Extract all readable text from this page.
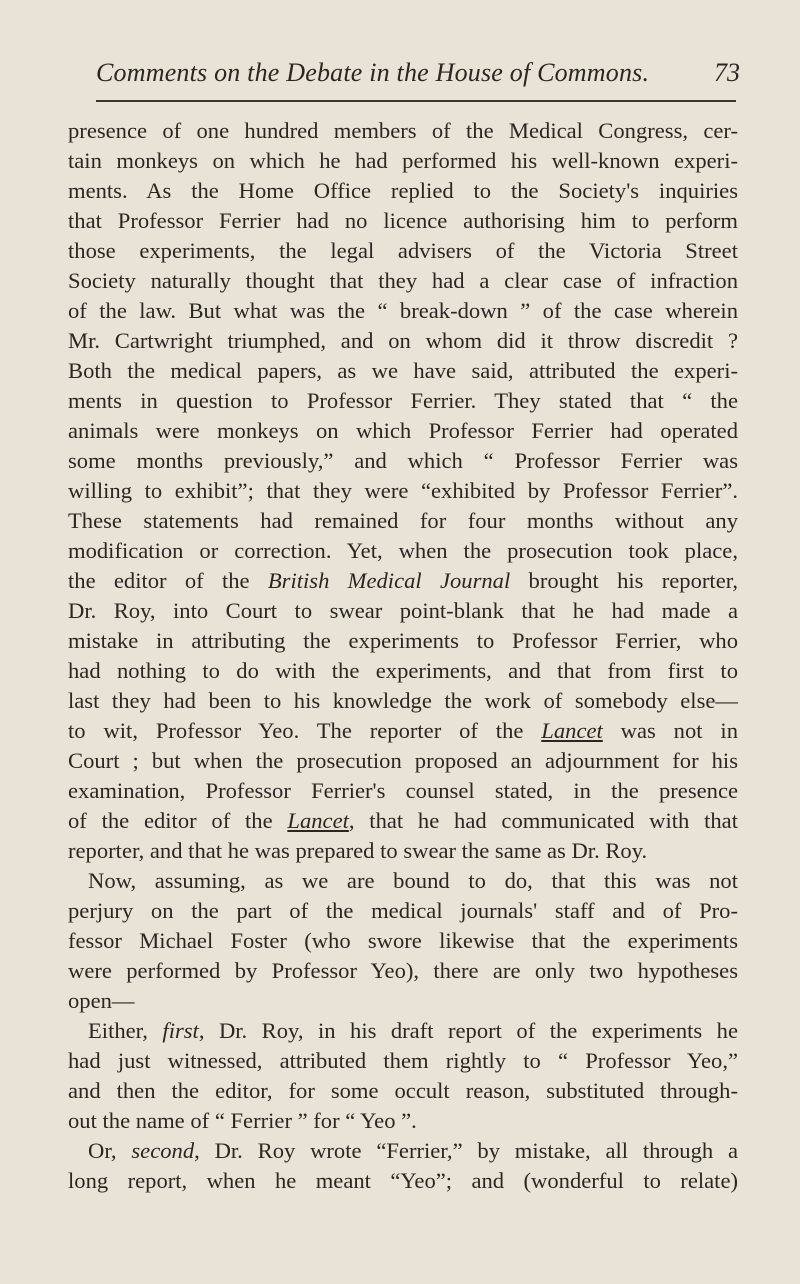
Comments on the Debate in the House of Commons. 73
presence of one hundred members of the Medical Congress, cer-
tain monkeys on which he had performed his well-known experi-
ments. As the Home Office replied to the Society's inquiries
that Professor Ferrier had no licence authorising him to perform
those experiments, the legal advisers of the Victoria Street
Society naturally thought that they had a clear case of infraction
of the law. But what was the “ break-down ” of the case wherein
Mr. Cartwright triumphed, and on whom did it throw discredit ?
Both the medical papers, as we have said, attributed the experi-
ments in question to Professor Ferrier. They stated that “ the
animals were monkeys on which Professor Ferrier had operated
some months previously,” and which “ Professor Ferrier was
willing to exhibit”; that they were “exhibited by Professor Ferrier”.
These statements had remained for four months without any
modification or correction. Yet, when the prosecution took place,
the editor of the British Medical Journal brought his reporter,
Dr. Roy, into Court to swear point-blank that he had made a
mistake in attributing the experiments to Professor Ferrier, who
had nothing to do with the experiments, and that from first to
last they had been to his knowledge the work of somebody else—
to wit, Professor Yeo. The reporter of the Lancet was not in
Court ; but when the prosecution proposed an adjournment for his
examination, Professor Ferrier's counsel stated, in the presence
of the editor of the Lancet, that he had communicated with that
reporter, and that he was prepared to swear the same as Dr. Roy.
Now, assuming, as we are bound to do, that this was not
perjury on the part of the medical journals' staff and of Pro-
fessor Michael Foster (who swore likewise that the experiments
were performed by Professor Yeo), there are only two hypotheses
open—
Either, first, Dr. Roy, in his draft report of the experiments he
had just witnessed, attributed them rightly to “ Professor Yeo,”
and then the editor, for some occult reason, substituted through-
out the name of “ Ferrier ” for “ Yeo ”.
Or, second, Dr. Roy wrote “Ferrier,” by mistake, all through a
long report, when he meant “Yeo”; and (wonderful to relate)
